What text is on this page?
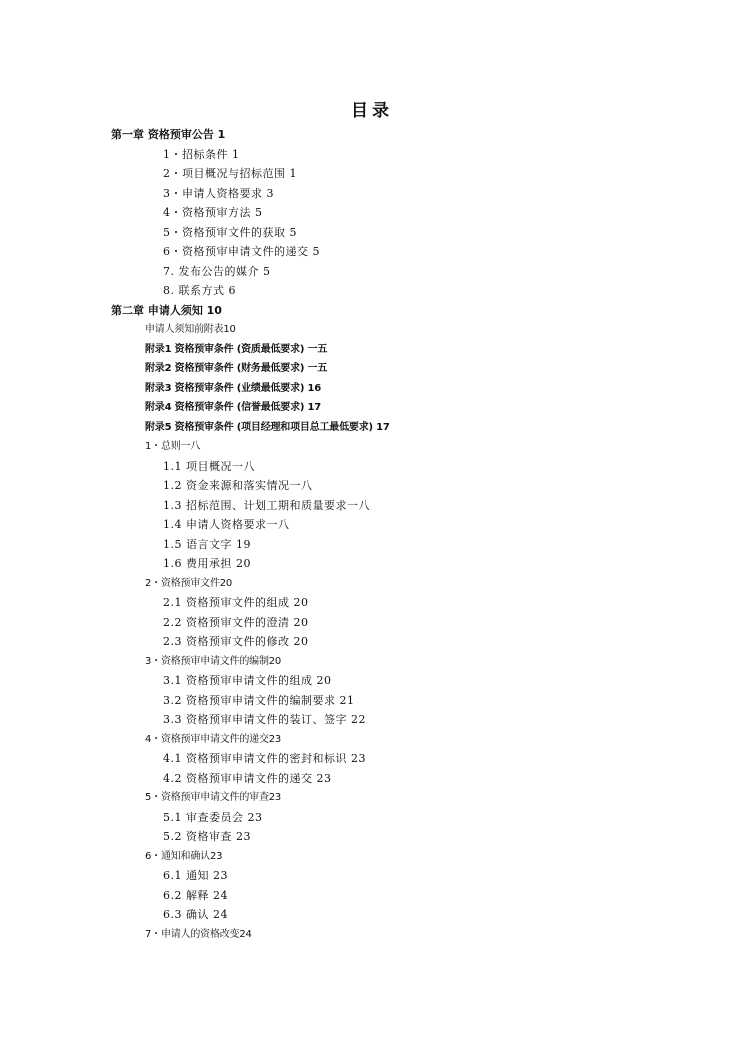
目录
第一章 资格预审公告 1
1・招标条件 1
2・项目概况与招标范围 1
3・申请人资格要求 3
4・资格预审方法 5
5・资格预审文件的获取 5
6・资格预审申请文件的递交 5
7. 发布公告的媒介 5
8. 联系方式 6
第二章 申请人须知 10
申请人须知前附表10
附录1 资格预审条件 (资质最低要求) 一五
附录2 资格预审条件 (财务最低要求) 一五
附录3 资格预审条件 (业绩最低要求) 16
附录4 资格预审条件 (信誉最低要求) 17
附录5 资格预审条件 (项目经理和项目总工最低要求) 17
1・总则一八
1.1 项目概况一八
1.2 资金来源和落实情况一八
1.3 招标范围、计划工期和质量要求一八
1.4 申请人资格要求一八
1.5 语言文字 19
1.6 费用承担 20
2・资格预审文件20
2.1 资格预审文件的组成 20
2.2 资格预审文件的澄清 20
2.3 资格预审文件的修改 20
3・资格预审申请文件的编制20
3.1 资格预审申请文件的组成 20
3.2 资格预审申请文件的编制要求 21
3.3 资格预审申请文件的装订、签字 22
4・资格预审申请文件的递交23
4.1 资格预审申请文件的密封和标识 23
4.2 资格预审申请文件的递交 23
5・资格预审申请文件的审查23
5.1 审查委员会 23
5.2 资格审查 23
6・通知和确认23
6.1 通知 23
6.2 解释 24
6.3 确认 24
7・申请人的资格改变24
